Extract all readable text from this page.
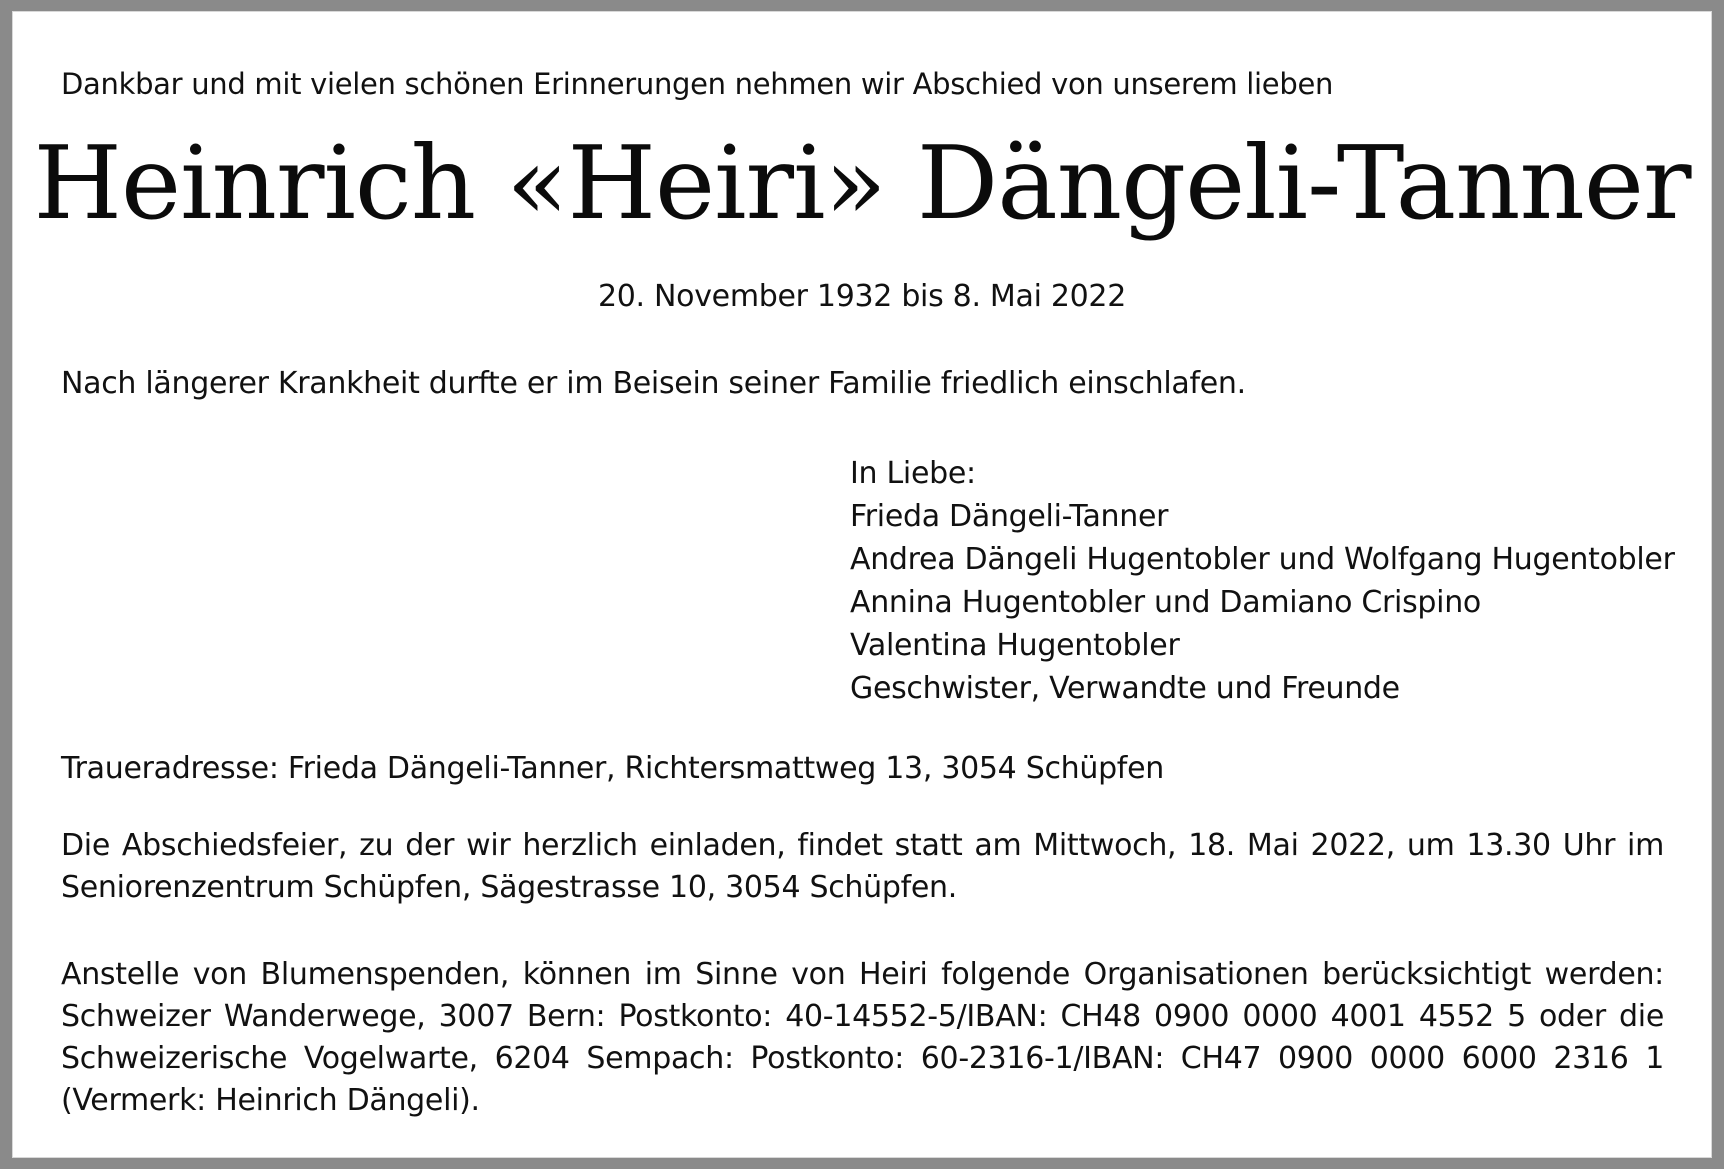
Dankbar und mit vielen schönen Erinnerungen nehmen wir Abschied von unserem lieben
Heinrich «Heiri» Dängeli-Tanner
20. November 1932 bis 8. Mai 2022
Nach längerer Krankheit durfte er im Beisein seiner Familie friedlich einschlafen.
In Liebe:
Frieda Dängeli-Tanner
Andrea Dängeli Hugentobler und Wolfgang Hugentobler
Annina Hugentobler und Damiano Crispino
Valentina Hugentobler
Geschwister, Verwandte und Freunde
Traueradresse: Frieda Dängeli-Tanner, Richtersmattweg 13, 3054 Schüpfen
Die Abschiedsfeier, zu der wir herzlich einladen, findet statt am Mittwoch, 18. Mai 2022, um 13.30 Uhr im
Seniorenzentrum Schüpfen, Sägestrasse 10, 3054 Schüpfen.
Anstelle von Blumenspenden, können im Sinne von Heiri folgende Organisationen berücksichtigt werden:
Schweizer Wanderwege, 3007 Bern: Postkonto: 40-14552-5/IBAN: CH48 0900 0000 4001 4552 5 oder die
Schweizerische Vogelwarte, 6204 Sempach: Postkonto: 60-2316-1/IBAN: CH47 0900 0000 6000 2316 1
(Vermerk: Heinrich Dängeli).
